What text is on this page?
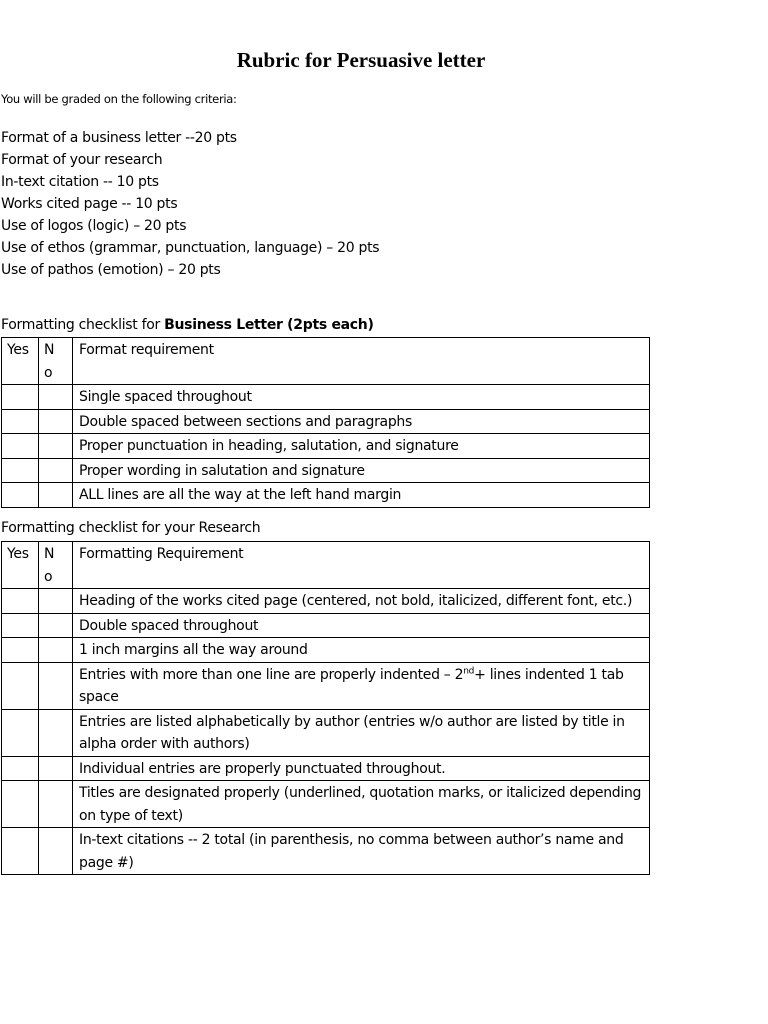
Rubric for Persuasive letter
You will be graded on the following criteria:
Format of a business letter --20 pts
Format of your research
In-text citation -- 10 pts
Works cited page -- 10 pts
Use of logos (logic) – 20 pts
Use of ethos (grammar, punctuation, language) – 20 pts
Use of pathos (emotion) – 20 pts
Formatting checklist for Business Letter (2pts each)
Yes	No	Format requirement
		Single spaced throughout
		Double spaced between sections and paragraphs
		Proper punctuation in heading, salutation, and signature
		Proper wording in salutation and signature
		ALL lines are all the way at the left hand margin
Formatting checklist for your Research
Yes	No	Formatting Requirement
		Heading of the works cited page (centered, not bold, italicized, different font, etc.)
		Double spaced throughout
		1 inch margins all the way around
		Entries with more than one line are properly indented – 2nd+ lines indented 1 tab space
		Entries are listed alphabetically by author (entries w/o author are listed by title in alpha order with authors)
		Individual entries are properly punctuated throughout.
		Titles are designated properly (underlined, quotation marks, or italicized depending on type of text)
		In-text citations -- 2 total (in parenthesis, no comma between author’s name and page #)
